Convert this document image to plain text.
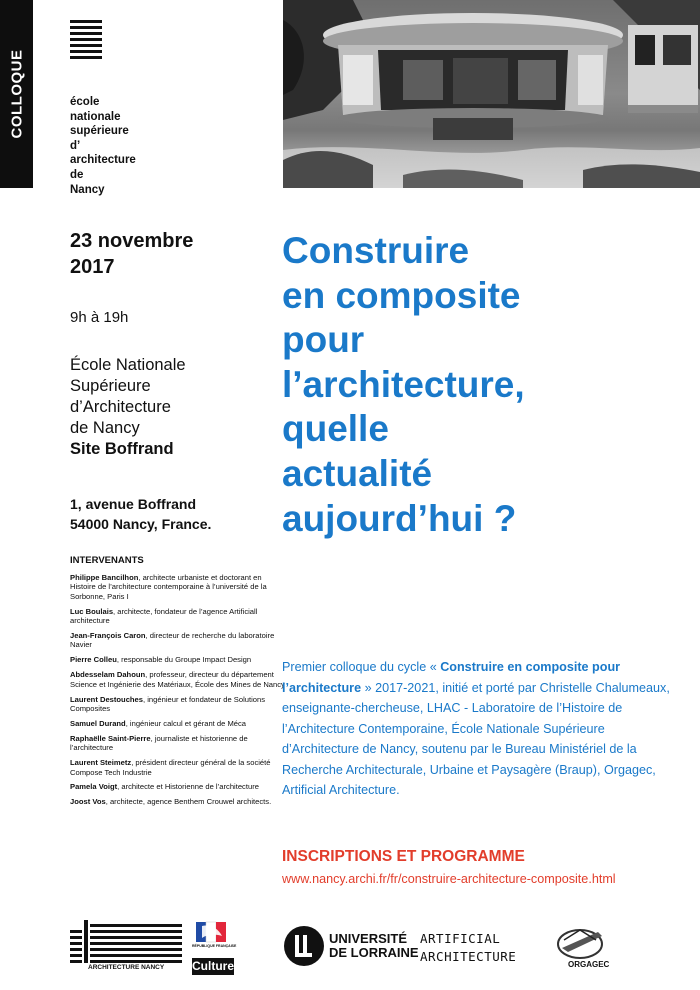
COLLOQUE	école
nationale
supérieure
d’
architecture
de
Nancy
23 novembre
2017
9h à 19h
École Nationale
Supérieure
d’Architecture
de Nancy
Site Boffrand
1, avenue Boffrand
54000 Nancy, France.
INTERVENANTS
Philippe Bancilhon, architecte urbaniste et doctorant en Histoire de l’architecture contemporaine à l’université de la Sorbonne, Paris I
Luc Boulais, architecte, fondateur de l’agence Artificiall architecture
Jean-François Caron, directeur de recherche du laboratoire Navier
Pierre Colleu, responsable du Groupe Impact Design
Abdesselam Dahoun, professeur, directeur du département Science et Ingénierie des Matériaux, École des Mines de Nancy
Laurent Destouches, ingénieur et fondateur de Solutions Composites
Samuel Durand, ingénieur calcul et gérant de Méca
Raphaëlle Saint-Pierre, journaliste et historienne de l’architecture
Laurent Steimetz, président directeur général de la société Compose Tech Industrie
Pamela Voigt, architecte et Historienne de l’architecture
Joost Vos, architecte, agence Benthem Crouwel architects.
Construire
en composite
pour
l’architecture,
quelle
actualité
aujourd’hui ?
Premier colloque du cycle « Construire en composite pour l’architecture » 2017-2021, initié et porté par Christelle Chalumeaux, enseignante-chercheuse, LHAC - Laboratoire de l’Histoire de l’Architecture Contemporaine, École Nationale Supérieure d’Architecture de Nancy, soutenu par le Bureau Ministériel de la Recherche Architecturale, Urbaine et Paysagère (Braup), Orgagec, Artificial Architecture.
INSCRIPTIONS ET PROGRAMME
www.nancy.archi.fr/fr/construire-architecture-composite.html
ARCHITECTURE NANCY
RÉPUBLIQUE FRANÇAISE
Culture
UNIVERSITÉ
DE LORRAINE
ARTIFICIAL
ARCHITECTURE
ORGAGEC
